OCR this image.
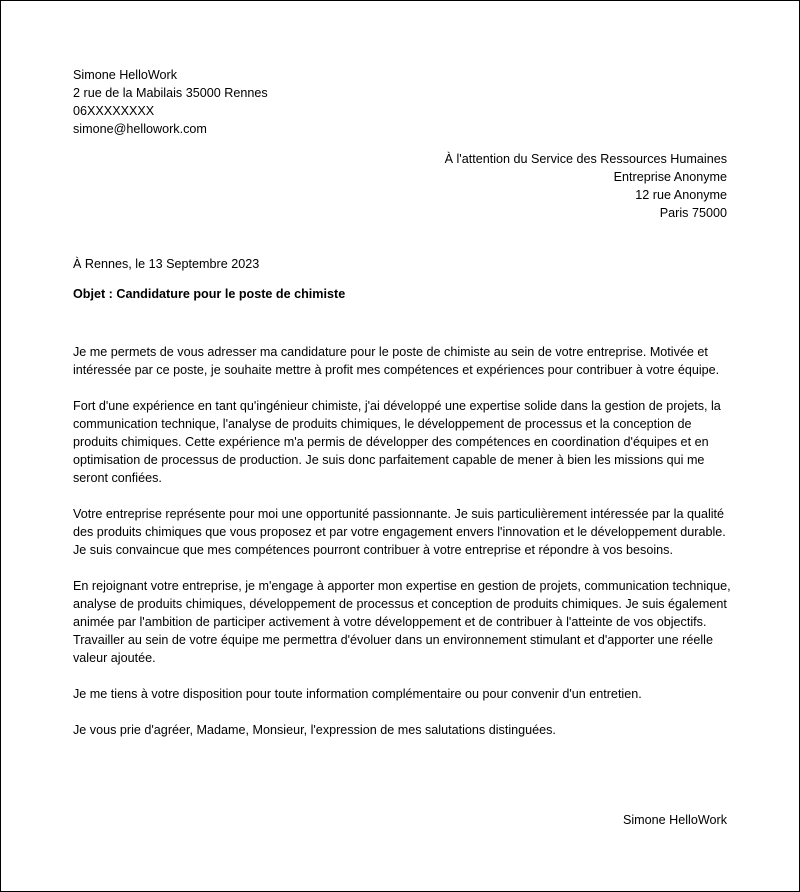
Simone HelloWork
2 rue de la Mabilais 35000 Rennes
06XXXXXXXX
simone@hellowork.com
À l'attention du Service des Ressources Humaines
Entreprise Anonyme
12 rue Anonyme
Paris 75000
À Rennes, le 13 Septembre 2023
Objet : Candidature pour le poste de chimiste

Je me permets de vous adresser ma candidature pour le poste de chimiste au sein de votre entreprise. Motivée et intéressée par ce poste, je souhaite mettre à profit mes compétences et expériences pour contribuer à votre équipe.

Fort d'une expérience en tant qu'ingénieur chimiste, j'ai développé une expertise solide dans la gestion de projets, la communication technique, l'analyse de produits chimiques, le développement de processus et la conception de produits chimiques. Cette expérience m'a permis de développer des compétences en coordination d'équipes et en optimisation de processus de production. Je suis donc parfaitement capable de mener à bien les missions qui me seront confiées.

Votre entreprise représente pour moi une opportunité passionnante. Je suis particulièrement intéressée par la qualité des produits chimiques que vous proposez et par votre engagement envers l'innovation et le développement durable. Je suis convaincue que mes compétences pourront contribuer à votre entreprise et répondre à vos besoins.

En rejoignant votre entreprise, je m'engage à apporter mon expertise en gestion de projets, communication technique, analyse de produits chimiques, développement de processus et conception de produits chimiques. Je suis également animée par l'ambition de participer activement à votre développement et de contribuer à l'atteinte de vos objectifs. Travailler au sein de votre équipe me permettra d'évoluer dans un environnement stimulant et d'apporter une réelle valeur ajoutée.

Je me tiens à votre disposition pour toute information complémentaire ou pour convenir d'un entretien.

Je vous prie d'agréer, Madame, Monsieur, l'expression de mes salutations distinguées.

Simone HelloWork
